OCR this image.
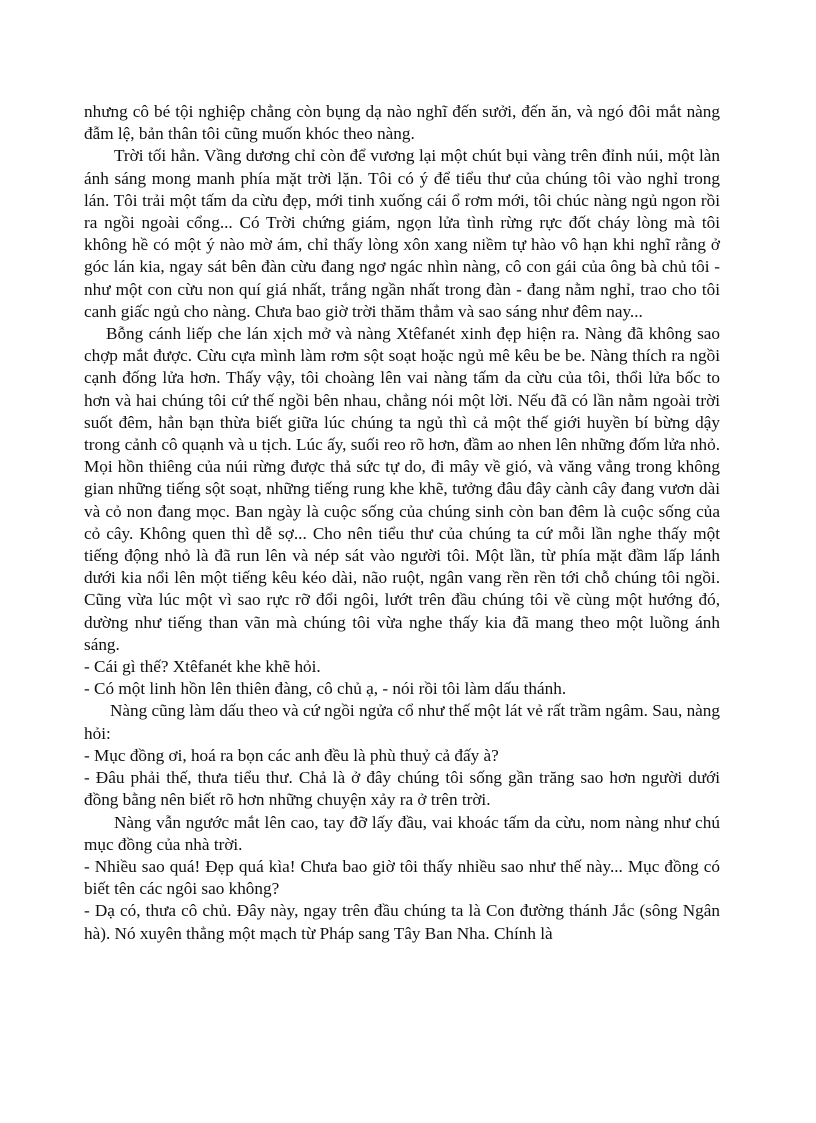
nhưng cô bé tội nghiệp chẳng còn bụng dạ nào nghĩ đến sưởi, đến ăn, và ngó đôi mắt nàng đẫm lệ, bản thân tôi cũng muốn khóc theo nàng.

Trời tối hẳn. Vầng dương chỉ còn để vương lại một chút bụi vàng trên đỉnh núi, một làn ánh sáng mong manh phía mặt trời lặn. Tôi có ý để tiểu thư của chúng tôi vào nghỉ trong lán. Tôi trải một tấm da cừu đẹp, mới tinh xuống cái ổ rơm mới, tôi chúc nàng ngủ ngon rồi ra ngồi ngoài cổng... Có Trời chứng giám, ngọn lửa tình rừng rực đốt cháy lòng mà tôi không hề có một ý nào mờ ám, chỉ thấy lòng xôn xang niềm tự hào vô hạn khi nghĩ rằng ở góc lán kia, ngay sát bên đàn cừu đang ngơ ngác nhìn nàng, cô con gái của ông bà chủ tôi - như một con cừu non quí giá nhất, trắng ngần nhất trong đàn - đang nằm nghỉ, trao cho tôi canh giấc ngủ cho nàng. Chưa bao giờ trời thăm thẳm và sao sáng như đêm nay...

Bỗng cánh liếp che lán xịch mở và nàng Xtêfanét xinh đẹp hiện ra. Nàng đã không sao chợp mắt được. Cừu cựa mình làm rơm sột soạt hoặc ngủ mê kêu be be. Nàng thích ra ngồi cạnh đống lửa hơn. Thấy vậy, tôi choàng lên vai nàng tấm da cừu của tôi, thổi lửa bốc to hơn và hai chúng tôi cứ thế ngồi bên nhau, chẳng nói một lời. Nếu đã có lần nằm ngoài trời suốt đêm, hẳn bạn thừa biết giữa lúc chúng ta ngủ thì cả một thế giới huyền bí bừng dậy trong cảnh cô quạnh và u tịch. Lúc ấy, suối reo rõ hơn, đầm ao nhen lên những đốm lửa nhỏ. Mọi hồn thiêng của núi rừng được thả sức tự do, đi mây về gió, và văng vẳng trong không gian những tiếng sột soạt, những tiếng rung khe khẽ, tưởng đâu đây cành cây đang vươn dài và cỏ non đang mọc. Ban ngày là cuộc sống của chúng sinh còn ban đêm là cuộc sống của cỏ cây. Không quen thì dễ sợ... Cho nên tiểu thư của chúng ta cứ mỗi lần nghe thấy một tiếng động nhỏ là đã run lên và nép sát vào người tôi. Một lần, từ phía mặt đầm lấp lánh dưới kia nổi lên một tiếng kêu kéo dài, não ruột, ngân vang rền rền tới chỗ chúng tôi ngồi. Cũng vừa lúc một vì sao rực rỡ đổi ngôi, lướt trên đầu chúng tôi về cùng một hướng đó, dường như tiếng than vãn mà chúng tôi vừa nghe thấy kia đã mang theo một luồng ánh sáng.

- Cái gì thế? Xtêfanét khe khẽ hỏi.

- Có một linh hồn lên thiên đàng, cô chủ ạ, - nói rồi tôi làm dấu thánh.

Nàng cũng làm dấu theo và cứ ngồi ngửa cổ như thế một lát vẻ rất trầm ngâm. Sau, nàng hỏi:

- Mục đồng ơi, hoá ra bọn các anh đều là phù thuỷ cả đấy à?

- Đâu phải thế, thưa tiểu thư. Chả là ở đây chúng tôi sống gần trăng sao hơn người dưới đồng bằng nên biết rõ hơn những chuyện xảy ra ở trên trời.

Nàng vẫn ngước mắt lên cao, tay đỡ lấy đầu, vai khoác tấm da cừu, nom nàng như chú mục đồng của nhà trời.

- Nhiều sao quá! Đẹp quá kìa! Chưa bao giờ tôi thấy nhiều sao như thế này... Mục đồng có biết tên các ngôi sao không?

- Dạ có, thưa cô chủ. Đây này, ngay trên đầu chúng ta là Con đường thánh Jắc (sông Ngân hà). Nó xuyên thẳng một mạch từ Pháp sang Tây Ban Nha. Chính là
